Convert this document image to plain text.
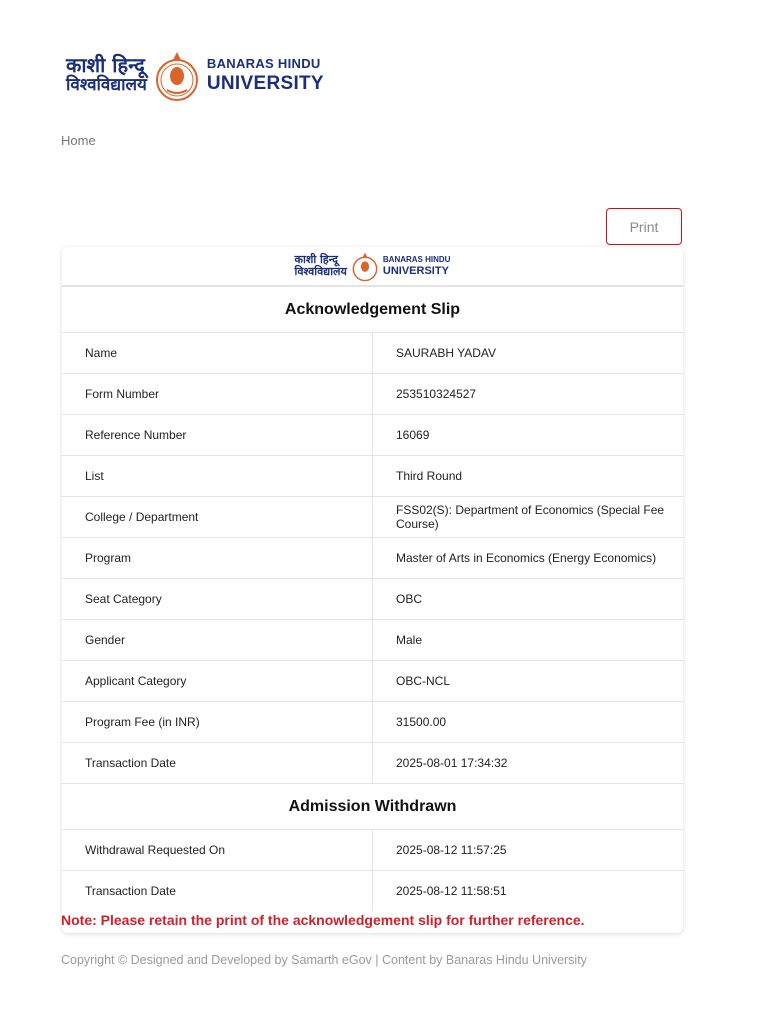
काशी हिन्दू
विश्वविद्यालय
BANARAS HINDU
UNIVERSITY
Home
Print
काशी हिन्दू
विश्वविद्यालय
BANARAS HINDU
UNIVERSITY
Acknowledgement Slip	
Name	SAURABH YADAV
Form Number	253510324527
Reference Number	16069
List	Third Round
College / Department	FSS02(S): Department of Economics (Special Fee Course)
Program	Master of Arts in Economics (Energy Economics)
Seat Category	OBC
Gender	Male
Applicant Category	OBC-NCL
Program Fee (in INR)	31500.00
Transaction Date	2025-08-01 17:34:32
Admission Withdrawn	
Withdrawal Requested On	2025-08-12 11:57:25
Transaction Date	2025-08-12 11:58:51
Note: Please retain the print of the acknowledgement slip for further reference.
Copyright © Designed and Developed by Samarth eGov | Content by Banaras Hindu University
